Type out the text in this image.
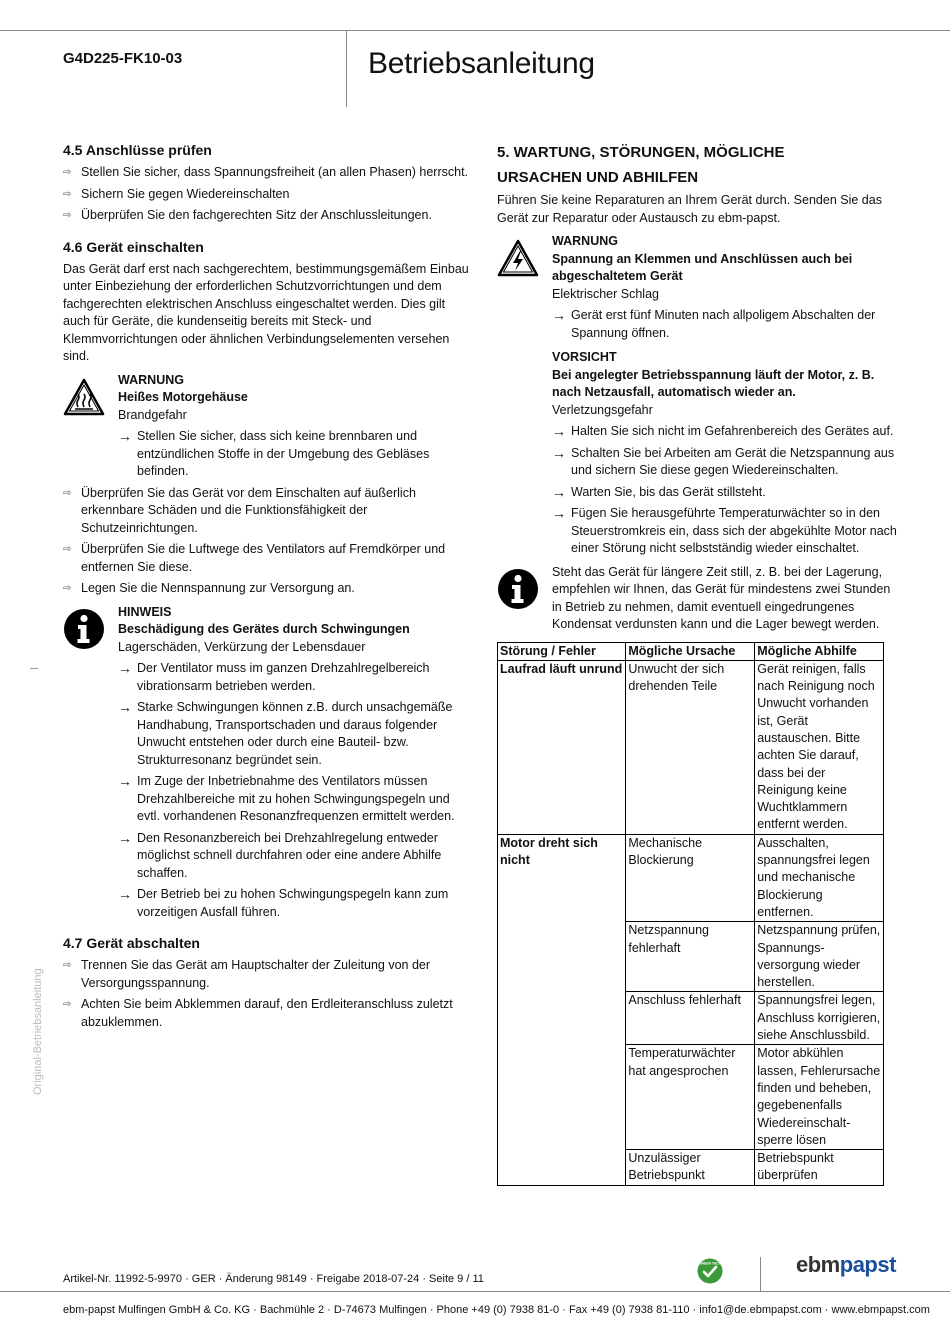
G4D225-FK10-03	Betriebsanleitung
Original-Betriebsanleitung
4.5 Anschlüsse prüfen
⇨ Stellen Sie sicher, dass Spannungsfreiheit (an allen Phasen) herrscht.
⇨ Sichern Sie gegen Wiedereinschalten
⇨ Überprüfen Sie den fachgerechten Sitz der Anschlussleitungen.
4.6 Gerät einschalten

Das Gerät darf erst nach sachgerechtem, bestimmungsgemäßem Einbau unter Einbeziehung der erforderlichen Schutzvorrichtungen und dem fachgerechten elektrischen Anschluss eingeschaltet werden. Dies gilt auch für Geräte, die kundenseitig bereits mit Steck- und Klemmvorrichtungen oder ähnlichen Verbindungselementen versehen sind.

WARNUNG
Heißes Motorgehäuse
Brandgefahr
→ Stellen Sie sicher, dass sich keine brennbaren und entzündlichen Stoffe in der Umgebung des Gebläses befinden.
⇨ Überprüfen Sie das Gerät vor dem Einschalten auf äußerlich erkennbare Schäden und die Funktionsfähigkeit der Schutzeinrichtungen.
⇨ Überprüfen Sie die Luftwege des Ventilators auf Fremdkörper und entfernen Sie diese.
⇨ Legen Sie die Nennspannung zur Versorgung an.
HINWEIS
Beschädigung des Gerätes durch Schwingungen
Lagerschäden, Verkürzung der Lebensdauer
→ Der Ventilator muss im ganzen Drehzahlregelbereich vibrationsarm betrieben werden.
→ Starke Schwingungen können z.B. durch unsachgemäße Handhabung, Transportschaden und daraus folgender Unwucht entstehen oder durch eine Bauteil- bzw. Strukturresonanz begründet sein.
→ Im Zuge der Inbetriebnahme des Ventilators müssen Drehzahlbereiche mit zu hohen Schwingungspegeln und evtl. vorhandenen Resonanzfrequenzen ermittelt werden.
→ Den Resonanzbereich bei Drehzahlregelung entweder möglichst schnell durchfahren oder eine andere Abhilfe schaffen.
→ Der Betrieb bei zu hohen Schwingungspegeln kann zum vorzeitigen Ausfall führen.
4.7 Gerät abschalten
⇨ Trennen Sie das Gerät am Hauptschalter der Zuleitung von der Versorgungsspannung.
⇨ Achten Sie beim Abklemmen darauf, den Erdleiteranschluss zuletzt abzuklemmen.
5. WARTUNG, STÖRUNGEN, MÖGLICHE
URSACHEN UND ABHILFEN

Führen Sie keine Reparaturen an Ihrem Gerät durch. Senden Sie das Gerät zur Reparatur oder Austausch zu ebm-papst.

WARNUNG
Spannung an Klemmen und Anschlüssen auch bei abgeschaltetem Gerät
Elektrischer Schlag
→ Gerät erst fünf Minuten nach allpoligem Abschalten der Spannung öffnen.
VORSICHT
Bei angelegter Betriebsspannung läuft der Motor, z. B. nach Netzausfall, automatisch wieder an.
Verletzungsgefahr
→ Halten Sie sich nicht im Gefahrenbereich des Gerätes auf.
→ Schalten Sie bei Arbeiten am Gerät die Netzspannung aus und sichern Sie diese gegen Wiedereinschalten.
→ Warten Sie, bis das Gerät stillsteht.
→ Fügen Sie herausgeführte Temperaturwächter so in den Steuerstromkreis ein, dass sich der abgekühlte Motor nach einer Störung nicht selbstständig wieder einschaltet.
Steht das Gerät für längere Zeit still, z. B. bei der Lagerung, empfehlen wir Ihnen, das Gerät für mindestens zwei Stunden in Betrieb zu nehmen, damit eventuell eingedrungenes Kondensat verdunsten kann und die Lager bewegt werden.
Störung / Fehler	Mögliche Ursache	Mögliche Abhilfe
Laufrad läuft unrund	Unwucht der sich drehenden Teile	Gerät reinigen, falls nach Reinigung noch Unwucht vorhanden ist, Gerät austauschen. Bitte achten Sie darauf, dass bei der Reinigung keine Wuchtklammern entfernt werden.
Motor dreht sich nicht	Mechanische Blockierung	Ausschalten, spannungsfrei legen und mechanische Blockierung entfernen.
	Netzspannung fehlerhaft	Netzspannung prüfen, Spannungs-versorgung wieder herstellen.
	Anschluss fehlerhaft	Spannungsfrei legen, Anschluss korrigieren, siehe Anschlussbild.
	Temperaturwächter hat angesprochen	Motor abkühlen lassen, Fehlerursache finden und beheben, gegebenenfalls Wiedereinschalt-sperre lösen
	Unzulässiger Betriebspunkt	Betriebspunkt überprüfen
GREEN TECH	ebmpapst
Artikel-Nr. 11992-5-9970 · GER · Änderung 98149 · Freigabe 2018-07-24 · Seite 9 / 11
ebm-papst Mulfingen GmbH & Co. KG · Bachmühle 2 · D-74673 Mulfingen · Phone +49 (0) 7938 81-0 · Fax +49 (0) 7938 81-110 · info1@de.ebmpapst.com · www.ebmpapst.com
